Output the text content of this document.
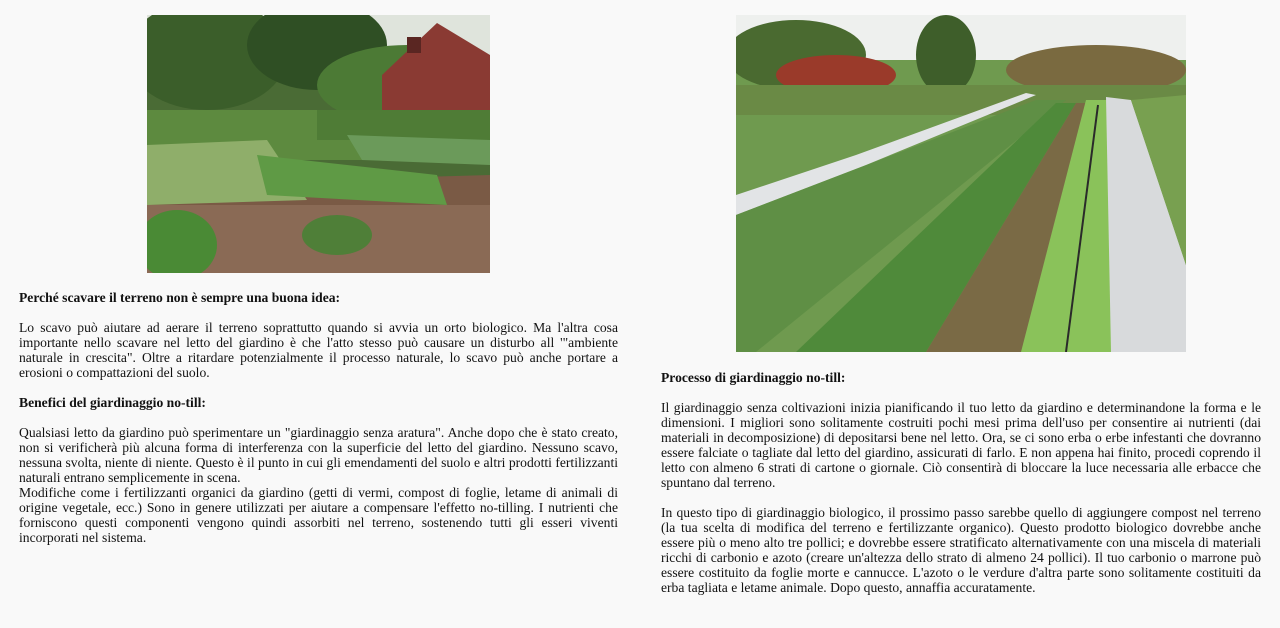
Perché scavare il terreno non è sempre una buona idea:

Lo scavo può aiutare ad aerare il terreno soprattutto quando si avvia un orto biologico. Ma l'altra cosa importante nello scavare nel letto del giardino è che l'atto stesso può causare un disturbo all '"ambiente naturale in crescita". Oltre a ritardare potenzialmente il processo naturale, lo scavo può anche portare a erosioni o compattazioni del suolo.

Benefici del giardinaggio no-till:

Qualsiasi letto da giardino può sperimentare un "giardinaggio senza aratura". Anche dopo che è stato creato, non si verificherà più alcuna forma di interferenza con la superficie del letto del giardino. Nessuno scavo, nessuna svolta, niente di niente. Questo è il punto in cui gli emendamenti del suolo e altri prodotti fertilizzanti naturali entrano semplicemente in scena.

Modifiche come i fertilizzanti organici da giardino (getti di vermi, compost di foglie, letame di animali di origine vegetale, ecc.) Sono in genere utilizzati per aiutare a compensare l'effetto no-tilling. I nutrienti che forniscono questi componenti vengono quindi assorbiti nel terreno, sostenendo tutti gli esseri viventi incorporati nel sistema.

Processo di giardinaggio no-till:

Il giardinaggio senza coltivazioni inizia pianificando il tuo letto da giardino e determinandone la forma e le dimensioni. I migliori sono solitamente costruiti pochi mesi prima dell'uso per consentire ai nutrienti (dai materiali in decomposizione) di depositarsi bene nel letto. Ora, se ci sono erba o erbe infestanti che dovranno essere falciate o tagliate dal letto del giardino, assicurati di farlo. E non appena hai finito, procedi coprendo il letto con almeno 6 strati di cartone o giornale. Ciò consentirà di bloccare la luce necessaria alle erbacce che spuntano dal terreno.

In questo tipo di giardinaggio biologico, il prossimo passo sarebbe quello di aggiungere compost nel terreno (la tua scelta di modifica del terreno e fertilizzante organico). Questo prodotto biologico dovrebbe anche essere più o meno alto tre pollici; e dovrebbe essere stratificato alternativamente con una miscela di materiali ricchi di carbonio e azoto (creare un'altezza dello strato di almeno 24 pollici). Il tuo carbonio o marrone può essere costituito da foglie morte e cannucce. L'azoto o le verdure d'altra parte sono solitamente costituiti da erba tagliata e letame animale. Dopo questo, annaffia accuratamente.
